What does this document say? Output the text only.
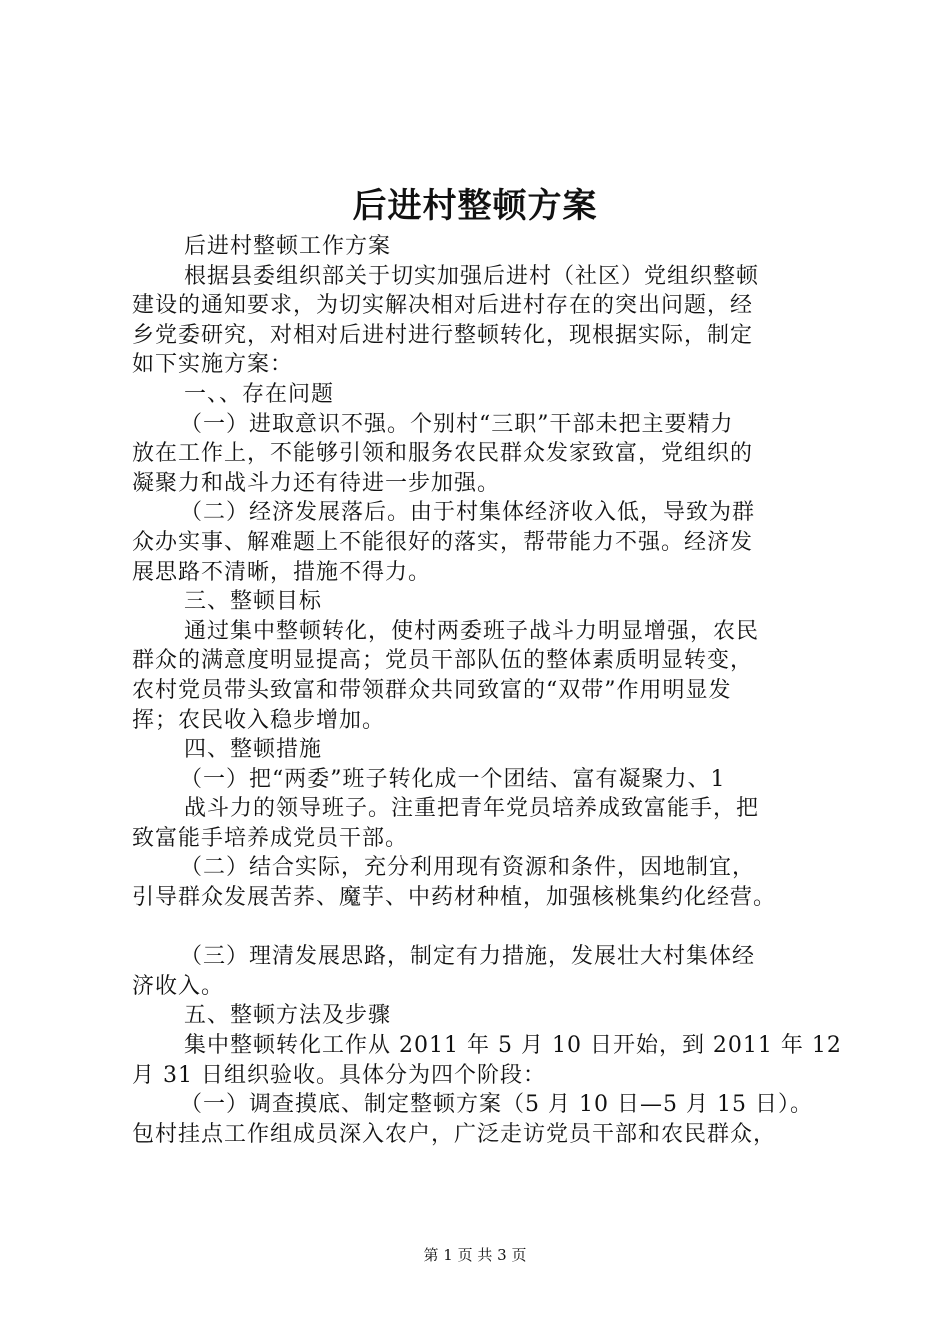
后进村整顿方案
后进村整顿工作方案
根据县委组织部关于切实加强后进村（社区）党组织整顿
建设的通知要求，为切实解决相对后进村存在的突出问题，经
乡党委研究，对相对后进村进行整顿转化，现根据实际，制定
如下实施方案：
一、、存在问题
（一）进取意识不强。个别村“三职”干部未把主要精力
放在工作上，不能够引领和服务农民群众发家致富，党组织的
凝聚力和战斗力还有待进一步加强。
（二）经济发展落后。由于村集体经济收入低，导致为群
众办实事、解难题上不能很好的落实，帮带能力不强。经济发
展思路不清晰，措施不得力。
三、整顿目标
通过集中整顿转化，使村两委班子战斗力明显增强，农民
群众的满意度明显提高；党员干部队伍的整体素质明显转变，
农村党员带头致富和带领群众共同致富的“双带”作用明显发
挥；农民收入稳步增加。
四、整顿措施
（一）把“两委”班子转化成一个团结、富有凝聚力、1
战斗力的领导班子。注重把青年党员培养成致富能手，把
致富能手培养成党员干部。
（二）结合实际，充分利用现有资源和条件，因地制宜，
引导群众发展苦荞、魔芋、中药材种植，加强核桃集约化经营。
（三）理清发展思路，制定有力措施，发展壮大村集体经
济收入。
五、整顿方法及步骤
集中整顿转化工作从 2011 年 5 月 10 日开始，到 2011 年 12
月 31 日组织验收。具体分为四个阶段：
（一）调查摸底、制定整顿方案（5 月 10 日—5 月 15 日）。
包村挂点工作组成员深入农户，广泛走访党员干部和农民群众，
第 1 页 共 3 页
